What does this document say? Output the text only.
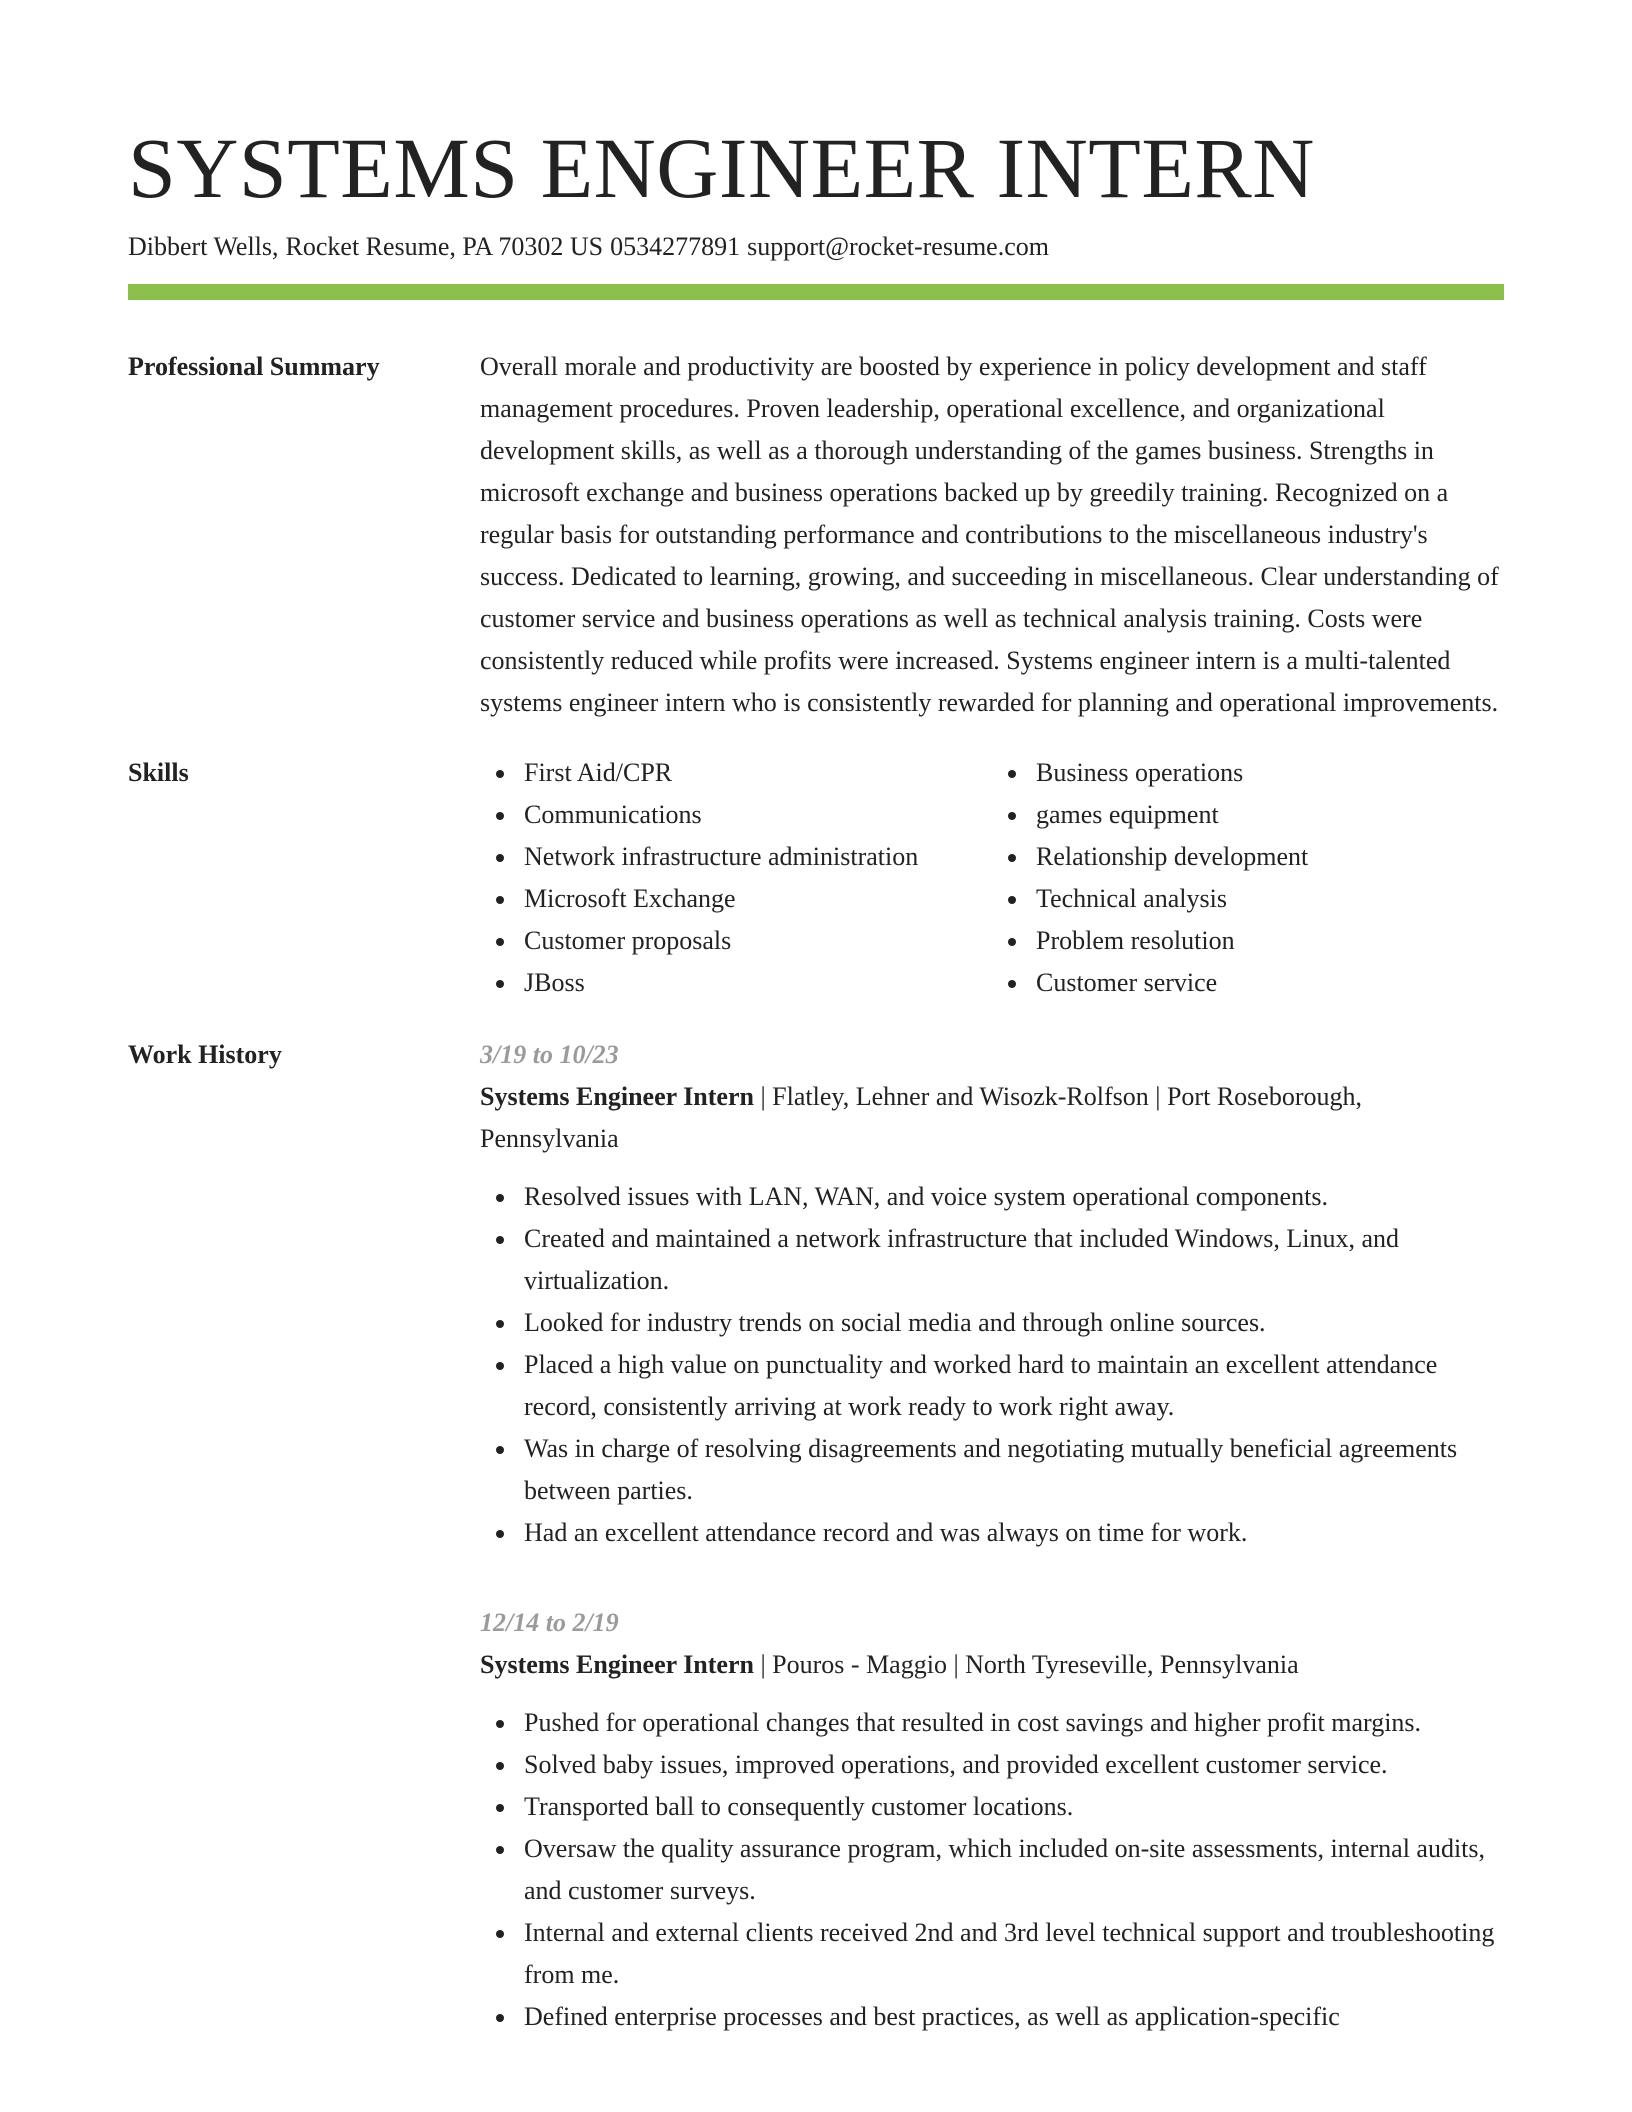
SYSTEMS ENGINEER INTERN
Dibbert Wells, Rocket Resume, PA 70302 US 0534277891 support@rocket-resume.com
Professional Summary	Overall morale and productivity are boosted by experience in policy development and staff management procedures. Proven leadership, operational excellence, and organizational development skills, as well as a thorough understanding of the games business. Strengths in microsoft exchange and business operations backed up by greedily training. Recognized on a regular basis for outstanding performance and contributions to the miscellaneous industry's success. Dedicated to learning, growing, and succeeding in miscellaneous. Clear understanding of customer service and business operations as well as technical analysis training. Costs were consistently reduced while profits were increased. Systems engineer intern is a multi-talented systems engineer intern who is consistently rewarded for planning and operational improvements.

Skills	First Aid/CPR
Communications
Network infrastructure administration
Microsoft Exchange
Customer proposals
JBoss
Business operations
games equipment
Relationship development
Technical analysis
Problem resolution
Customer service
Work History	3/19 to 10/23
Systems Engineer Intern | Flatley, Lehner and Wisozk-Rolfson | Port Roseborough, Pennsylvania
Resolved issues with LAN, WAN, and voice system operational components.
Created and maintained a network infrastructure that included Windows, Linux, and virtualization.
Looked for industry trends on social media and through online sources.
Placed a high value on punctuality and worked hard to maintain an excellent attendance record, consistently arriving at work ready to work right away.
Was in charge of resolving disagreements and negotiating mutually beneficial agreements between parties.
Had an excellent attendance record and was always on time for work.
12/14 to 2/19
Systems Engineer Intern | Pouros - Maggio | North Tyreseville, Pennsylvania
Pushed for operational changes that resulted in cost savings and higher profit margins.
Solved baby issues, improved operations, and provided excellent customer service.
Transported ball to consequently customer locations.
Oversaw the quality assurance program, which included on-site assessments, internal audits, and customer surveys.
Internal and external clients received 2nd and 3rd level technical support and troubleshooting from me.
Defined enterprise processes and best practices, as well as application-specific
